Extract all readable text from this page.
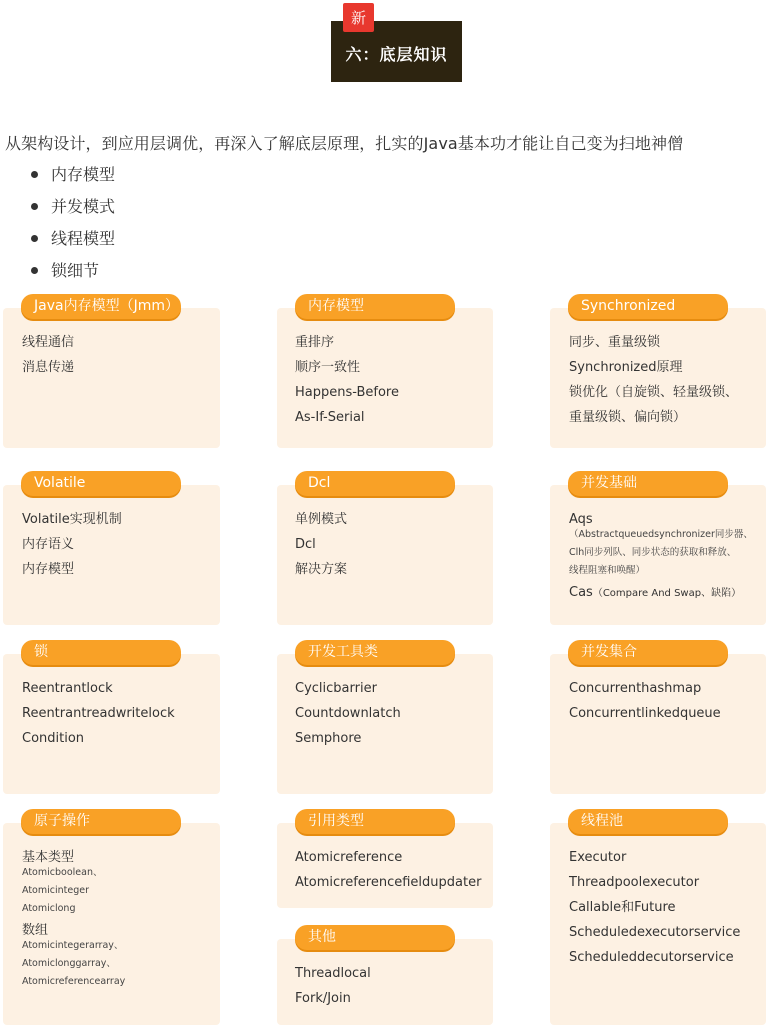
新
六：底层知识
从架构设计，到应用层调优，再深入了解底层原理，扎实的Java基本功才能让自己变为扫地神僧
内存模型
并发模式
线程模型
锁细节
Java内存模型（Jmm）
线程通信
消息传递
内存模型
重排序
顺序一致性
Happens-Before
As-If-Serial
Synchronized
同步、重量级锁
Synchronized原理
锁优化（自旋锁、轻量级锁、
重量级锁、偏向锁）
Volatile
Volatile实现机制
内存语义
内存模型
Dcl
单例模式
Dcl
解决方案
并发基础
Aqs
（Abstractqueuedsynchronizer同步器、
Clh同步列队、同步状态的获取和释放、
线程阻塞和唤醒）
Cas（Compare And Swap、缺陷）
锁
Reentrantlock
Reentrantreadwritelock
Condition
开发工具类
Cyclicbarrier
Countdownlatch
Semphore
并发集合
Concurrenthashmap
Concurrentlinkedqueue
原子操作
基本类型
Atomicboolean、
Atomicinteger
Atomiclong
数组
Atomicintegerarray、
Atomiclonggarray、
Atomicreferencearray
引用类型
Atomicreference
Atomicreferencefieldupdater
其他
Threadlocal
Fork/Join
线程池
Executor
Threadpoolexecutor
Callable和Future
Scheduledexecutorservice
Scheduleddecutorservice
